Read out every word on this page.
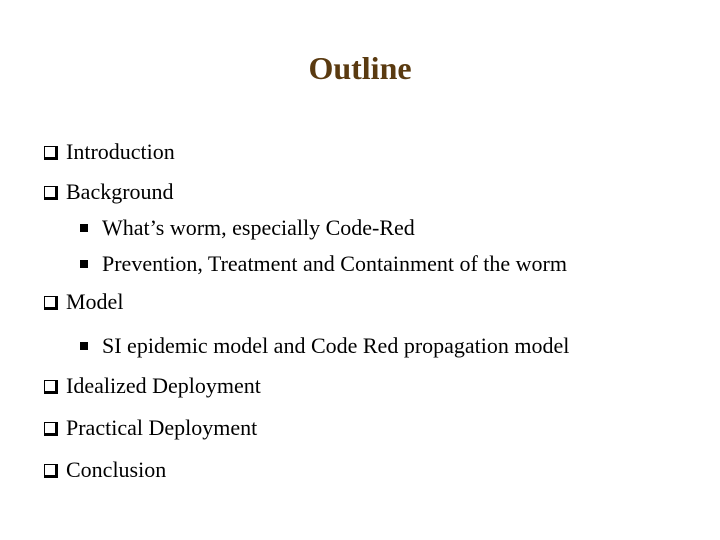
Outline
Introduction
Background
What’s worm, especially Code-Red
Prevention, Treatment and Containment of the worm
Model
SI epidemic model and Code Red propagation model
Idealized Deployment
Practical Deployment
Conclusion
